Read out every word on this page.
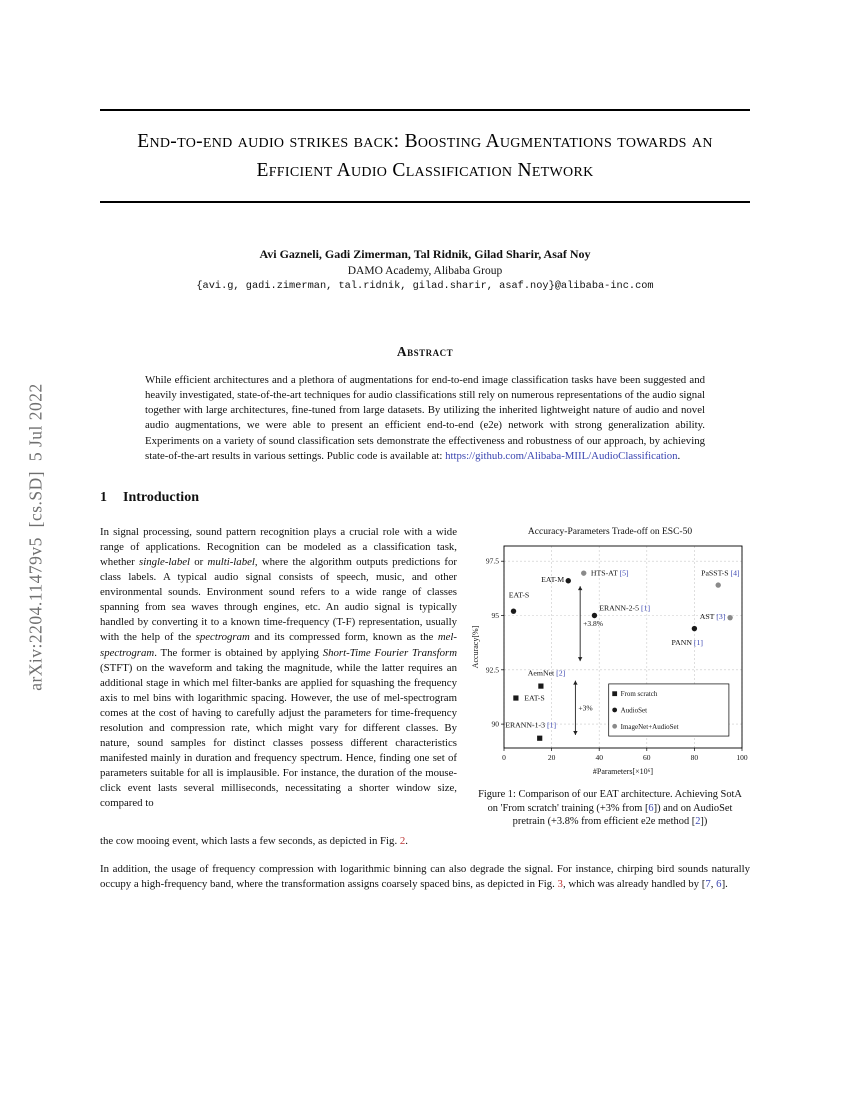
arXiv:2204.11479v5  [cs.SD]  5 Jul 2022
End-to-end audio strikes back: Boosting Augmentations towards an Efficient Audio Classification Network
Avi Gazneli, Gadi Zimerman, Tal Ridnik, Gilad Sharir, Asaf Noy
DAMO Academy, Alibaba Group
{avi.g, gadi.zimerman, tal.ridnik, gilad.sharir, asaf.noy}@alibaba-inc.com
Abstract

While efficient architectures and a plethora of augmentations for end-to-end image classification tasks have been suggested and heavily investigated, state-of-the-art techniques for audio classifications still rely on numerous representations of the audio signal together with large architectures, fine-tuned from large datasets. By utilizing the inherited lightweight nature of audio and novel audio augmentations, we were able to present an efficient end-to-end (e2e) network with strong generalization ability. Experiments on a variety of sound classification sets demonstrate the effectiveness and robustness of our approach, by achieving state-of-the-art results in various settings. Public code is available at: https://github.com/Alibaba-MIIL/AudioClassification.

1 Introduction
In signal processing, sound pattern recognition plays a crucial role with a wide range of applications. Recognition can be modeled as a classification task, whether single-label or multi-label, where the algorithm outputs predictions for class labels. A typical audio signal consists of speech, music, and other environmental sounds. Environment sound refers to a wide range of classes spanning from sea waves through engines, etc. An audio signal is typically handled by converting it to a known time-frequency (T-F) representation, usually with the help of the spectrogram and its compressed form, known as the mel-spectrogram. The former is obtained by applying Short-Time Fourier Transform (STFT) on the waveform and taking the magnitude, while the latter requires an additional stage in which mel filter-banks are applied for squashing the frequency axis to mel bins with logarithmic spacing. However, the use of mel-spectrogram comes at the cost of having to carefully adjust the parameters for time-frequency resolution and compression rate, which might vary for different classes. By nature, sound samples for distinct classes possess different characteristics manifested mainly in duration and frequency spectrum. Hence, finding one set of parameters suitable for all is implausible. For instance, the duration of the mouse-click event lasts several milliseconds, necessitating a shorter window size, compared to
Accuracy-Parameters Trade-off on ESC-50
0	20	40	60	80	100
90
92.5
95
97.5
#Parameters[×10⁶]
Accuracy[%]
+3.8%
+3%
EAT-S
EAT-M
HTS-AT [5]	PaSST-S [4]
ERANN-2-5 [1]
AST [3]
PANN [1]
AemNet [2]
EAT-S
ERANN-1-3 [1]
From scratch
AudioSet
ImageNet+AudioSet
Figure 1: Comparison of our EAT architecture. Achieving SotA on 'From scratch' training (+3% from [6]) and on AudioSet pretrain (+3.8% from efficient e2e method [2])

the cow mooing event, which lasts a few seconds, as depicted in Fig. 2.

In addition, the usage of frequency compression with logarithmic binning can also degrade the signal. For instance, chirping bird sounds naturally occupy a high-frequency band, where the transformation assigns coarsely spaced bins, as depicted in Fig. 3, which was already handled by [7, 6].
